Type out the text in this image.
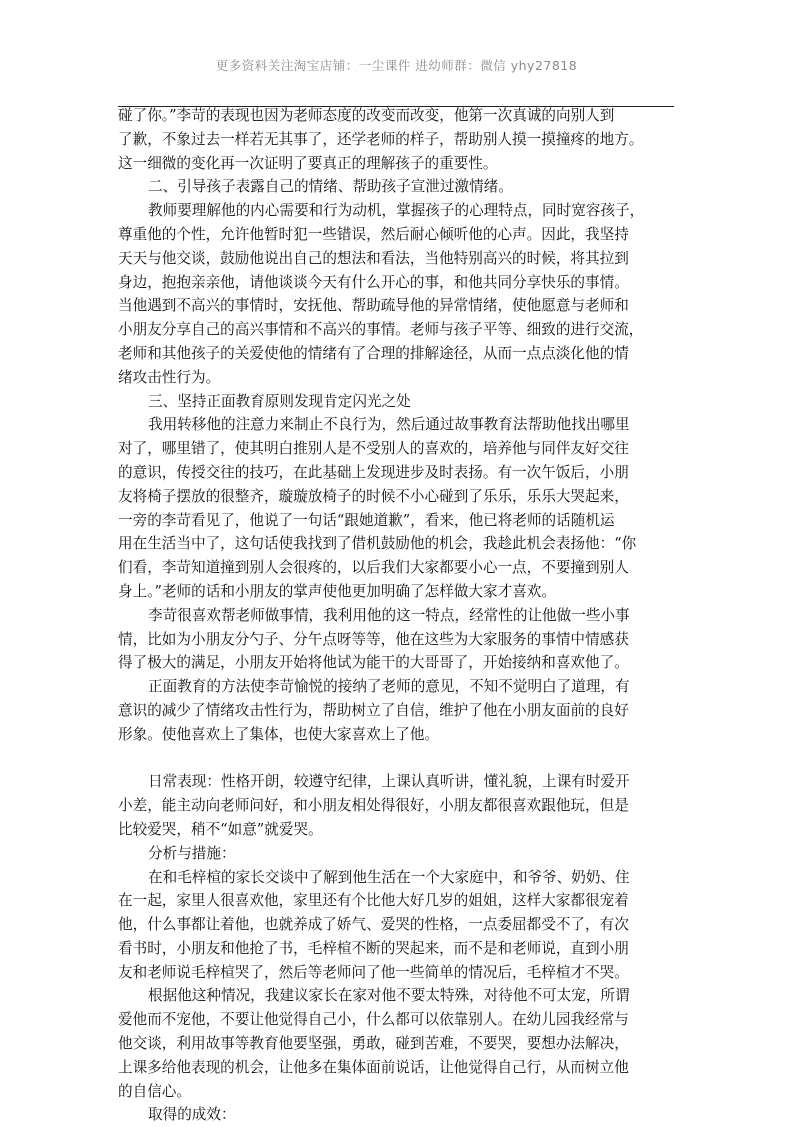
更多资料关注淘宝店铺：一尘课件 进幼师群：微信 yhy27818
碰了你。”李苛的表现也因为老师态度的改变而改变，他第一次真诚的向别人到
了歉，不象过去一样若无其事了，还学老师的样子，帮助别人摸一摸撞疼的地方。
这一细微的变化再一次证明了要真正的理解孩子的重要性。
二、引导孩子表露自己的情绪、帮助孩子宣泄过激情绪。
教师要理解他的内心需要和行为动机，掌握孩子的心理特点，同时宽容孩子，
尊重他的个性，允许他暂时犯一些错误，然后耐心倾听他的心声。因此，我坚持
天天与他交谈，鼓励他说出自己的想法和看法，当他特别高兴的时候，将其拉到
身边，抱抱亲亲他，请他谈谈今天有什么开心的事，和他共同分享快乐的事情。
当他遇到不高兴的事情时，安抚他、帮助疏导他的异常情绪，使他愿意与老师和
小朋友分享自己的高兴事情和不高兴的事情。老师与孩子平等、细致的进行交流，
老师和其他孩子的关爱使他的情绪有了合理的排解途径，从而一点点淡化他的情
绪攻击性行为。
三、坚持正面教育原则发现肯定闪光之处
我用转移他的注意力来制止不良行为，然后通过故事教育法帮助他找出哪里
对了，哪里错了，使其明白推别人是不受别人的喜欢的，培养他与同伴友好交往
的意识，传授交往的技巧，在此基础上发现进步及时表扬。有一次午饭后，小朋
友将椅子摆放的很整齐，璇璇放椅子的时候不小心碰到了乐乐，乐乐大哭起来，
一旁的李苛看见了，他说了一句话“跟她道歉”，看来，他已将老师的话随机运
用在生活当中了，这句话使我找到了借机鼓励他的机会，我趁此机会表扬他：“你
们看，李苛知道撞到别人会很疼的，以后我们大家都要小心一点，不要撞到别人
身上。”老师的话和小朋友的掌声使他更加明确了怎样做大家才喜欢。
李苛很喜欢帮老师做事情，我利用他的这一特点，经常性的让他做一些小事
情，比如为小朋友分勺子、分午点呀等等，他在这些为大家服务的事情中情感获
得了极大的满足，小朋友开始将他试为能干的大哥哥了，开始接纳和喜欢他了。
正面教育的方法使李苛愉悦的接纳了老师的意见，不知不觉明白了道理，有
意识的减少了情绪攻击性行为，帮助树立了自信，维护了他在小朋友面前的良好
形象。使他喜欢上了集体，也使大家喜欢上了他。
日常表现：性格开朗，较遵守纪律，上课认真听讲，懂礼貌，上课有时爱开
小差，能主动向老师问好，和小朋友相处得很好，小朋友都很喜欢跟他玩，但是
比较爱哭，稍不“如意”就爱哭。
分析与措施：
在和毛梓楦的家长交谈中了解到他生活在一个大家庭中，和爷爷、奶奶、住
在一起，家里人很喜欢他，家里还有个比他大好几岁的姐姐，这样大家都很宠着
他，什么事都让着他，也就养成了娇气、爱哭的性格，一点委屈都受不了，有次
看书时，小朋友和他抢了书，毛梓楦不断的哭起来，而不是和老师说，直到小朋
友和老师说毛梓楦哭了，然后等老师问了他一些简单的情况后，毛梓楦才不哭。
根据他这种情况，我建议家长在家对他不要太特殊，对待他不可太宠，所谓
爱他而不宠他，不要让他觉得自己小，什么都可以依靠别人。在幼儿园我经常与
他交谈，利用故事等教育他要坚强，勇敢，碰到苦难，不要哭，要想办法解决，
上课多给他表现的机会，让他多在集体面前说话，让他觉得自己行，从而树立他
的自信心。
取得的成效：
